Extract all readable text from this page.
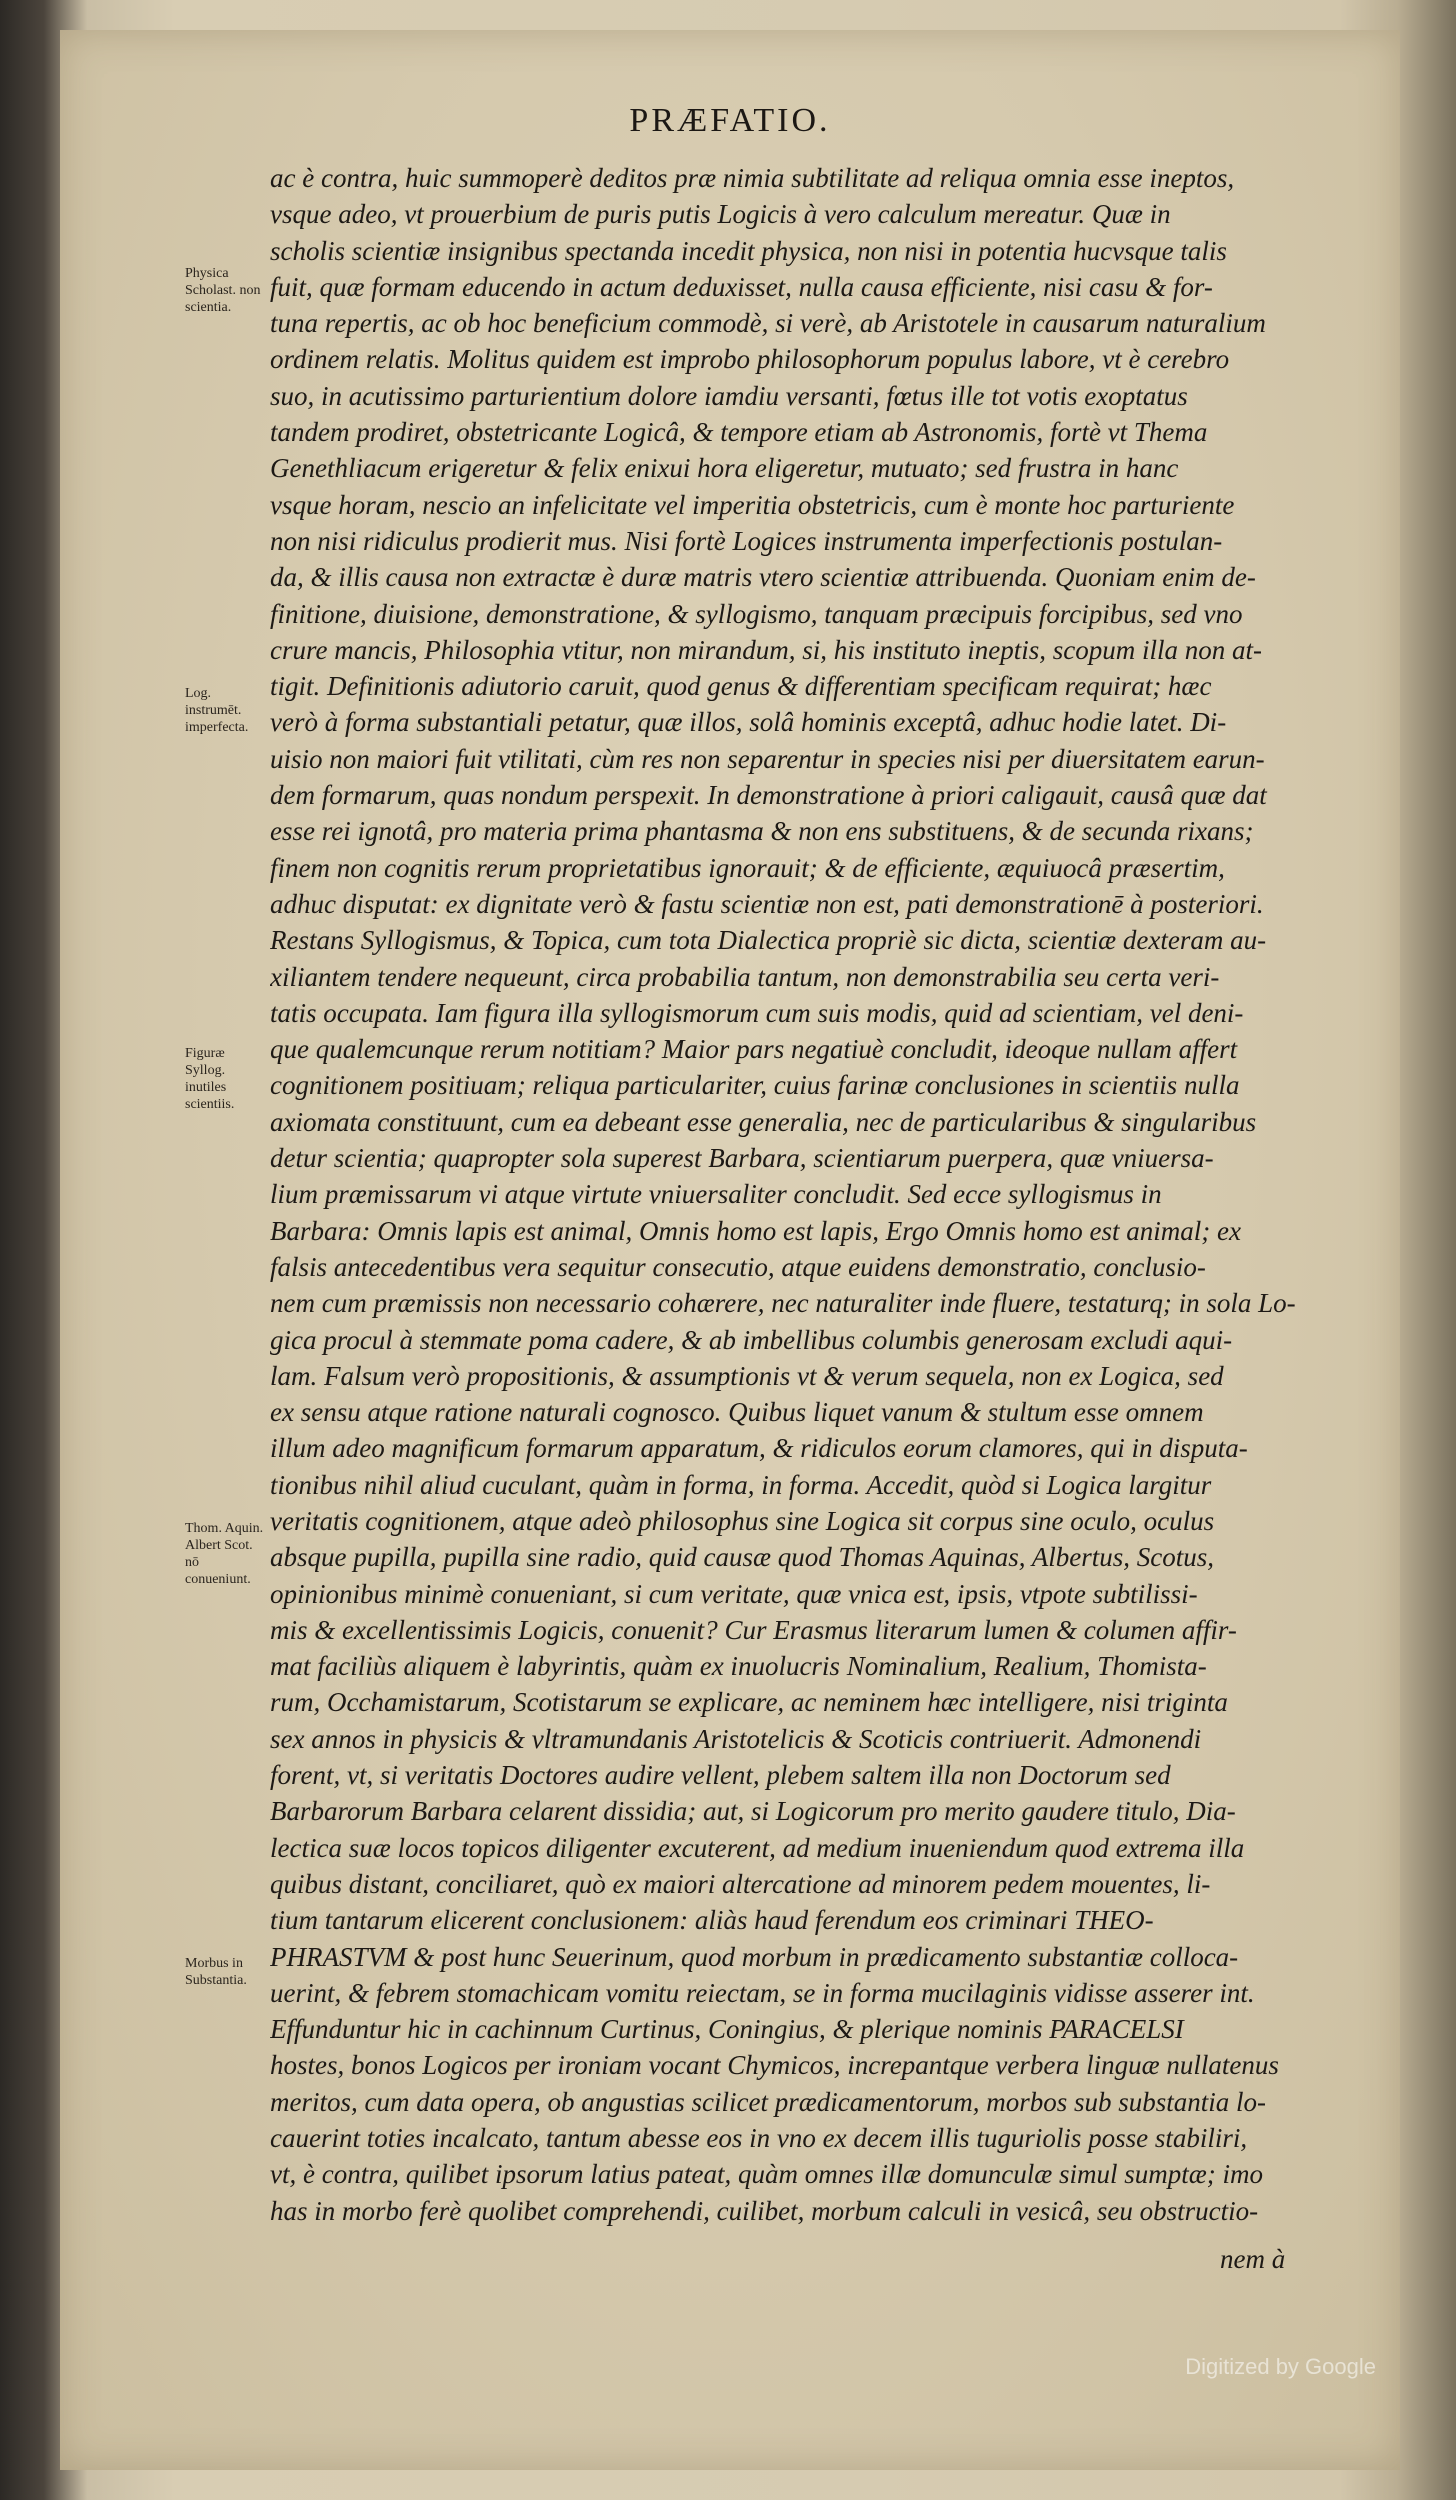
PRÆFATIO.
ac è contra, huic summoperè deditos præ nimia subtilitate ad reliqua omnia esse ineptos,
vsque adeo, vt prouerbium de puris putis Logicis à vero calculum mereatur. Quæ in
scholis scientiæ insignibus spectanda incedit physica, non nisi in potentia hucvsque talis
fuit, quæ formam educendo in actum deduxisset, nulla causa efficiente, nisi casu & for-
tuna repertis, ac ob hoc beneficium commodè, si verè, ab Aristotele in causarum naturalium
ordinem relatis. Molitus quidem est improbo philosophorum populus labore, vt è cerebro
suo, in acutissimo parturientium dolore iamdiu versanti, fœtus ille tot votis exoptatus
tandem prodiret, obstetricante Logicâ, & tempore etiam ab Astronomis, fortè vt Thema
Genethliacum erigeretur & felix enixui hora eligeretur, mutuato; sed frustra in hanc
vsque horam, nescio an infelicitate vel imperitia obstetricis, cum è monte hoc parturiente
non nisi ridiculus prodierit mus. Nisi fortè Logices instrumenta imperfectionis postulan-
da, & illis causa non extractæ è duræ matris vtero scientiæ attribuenda. Quoniam enim de-
finitione, diuisione, demonstratione, & syllogismo, tanquam præcipuis forcipibus, sed vno
crure mancis, Philosophia vtitur, non mirandum, si, his instituto ineptis, scopum illa non at-
tigit. Definitionis adiutorio caruit, quod genus & differentiam specificam requirat; hæc
verò à forma substantiali petatur, quæ illos, solâ hominis exceptâ, adhuc hodie latet. Di-
uisio non maiori fuit vtilitati, cùm res non separentur in species nisi per diuersitatem earun-
dem formarum, quas nondum perspexit. In demonstratione à priori caligauit, causâ quæ dat
esse rei ignotâ, pro materia prima phantasma & non ens substituens, & de secunda rixans;
finem non cognitis rerum proprietatibus ignorauit; & de efficiente, æquiuocâ præsertim,
adhuc disputat: ex dignitate verò & fastu scientiæ non est, pati demonstrationē à posteriori.
Restans Syllogismus, & Topica, cum tota Dialectica propriè sic dicta, scientiæ dexteram au-
xiliantem tendere nequeunt, circa probabilia tantum, non demonstrabilia seu certa veri-
tatis occupata. Iam figura illa syllogismorum cum suis modis, quid ad scientiam, vel deni-
que qualemcunque rerum notitiam? Maior pars negatiuè concludit, ideoque nullam affert
cognitionem positiuam; reliqua particulariter, cuius farinæ conclusiones in scientiis nulla
axiomata constituunt, cum ea debeant esse generalia, nec de particularibus & singularibus
detur scientia; quapropter sola superest Barbara, scientiarum puerpera, quæ vniuersa-
lium præmissarum vi atque virtute vniuersaliter concludit. Sed ecce syllogismus in
Barbara: Omnis lapis est animal, Omnis homo est lapis, Ergo Omnis homo est animal; ex
falsis antecedentibus vera sequitur consecutio, atque euidens demonstratio, conclusio-
nem cum præmissis non necessario cohærere, nec naturaliter inde fluere, testaturq; in sola Lo-
gica procul à stemmate poma cadere, & ab imbellibus columbis generosam excludi aqui-
lam. Falsum verò propositionis, & assumptionis vt & verum sequela, non ex Logica, sed
ex sensu atque ratione naturali cognosco. Quibus liquet vanum & stultum esse omnem
illum adeo magnificum formarum apparatum, & ridiculos eorum clamores, qui in disputa-
tionibus nihil aliud cuculant, quàm in forma, in forma. Accedit, quòd si Logica largitur
veritatis cognitionem, atque adeò philosophus sine Logica sit corpus sine oculo, oculus
absque pupilla, pupilla sine radio, quid causæ quod Thomas Aquinas, Albertus, Scotus,
opinionibus minimè conueniant, si cum veritate, quæ vnica est, ipsis, vtpote subtilissi-
mis & excellentissimis Logicis, conuenit? Cur Erasmus literarum lumen & columen affir-
mat faciliùs aliquem è labyrintis, quàm ex inuolucris Nominalium, Realium, Thomista-
rum, Occhamistarum, Scotistarum se explicare, ac neminem hæc intelligere, nisi triginta
sex annos in physicis & vltramundanis Aristotelicis & Scoticis contriuerit. Admonendi
forent, vt, si veritatis Doctores audire vellent, plebem saltem illa non Doctorum sed
Barbarorum Barbara celarent dissidia; aut, si Logicorum pro merito gaudere titulo, Dia-
lectica suæ locos topicos diligenter excuterent, ad medium inueniendum quod extrema illa
quibus distant, conciliaret, quò ex maiori altercatione ad minorem pedem mouentes, li-
tium tantarum elicerent conclusionem: aliàs haud ferendum eos criminari THEO-
PHRASTVM & post hunc Seuerinum, quod morbum in prædicamento substantiæ colloca-
uerint, & febrem stomachicam vomitu reiectam, se in forma mucilaginis vidisse asserer int.
Effunduntur hic in cachinnum Curtinus, Coningius, & plerique nominis PARACELSI
hostes, bonos Logicos per ironiam vocant Chymicos, increpantque verbera linguæ nullatenus
meritos, cum data opera, ob angustias scilicet prædicamentorum, morbos sub substantia lo-
cauerint toties incalcato, tantum abesse eos in vno ex decem illis tuguriolis posse stabiliri,
vt, è contra, quilibet ipsorum latius pateat, quàm omnes illæ domunculæ simul sumptæ; imo
has in morbo ferè quolibet comprehendi, cuilibet, morbum calculi in vesicâ, seu obstructio-
Physica Scholast. non scientia.
Log. instrumēt. imperfecta.
Figuræ Syllog. inutiles scientiis.
Thom. Aquin. Albert Scot. nō conueniunt.
Morbus in Substantia.
nem à
Digitized by Google
